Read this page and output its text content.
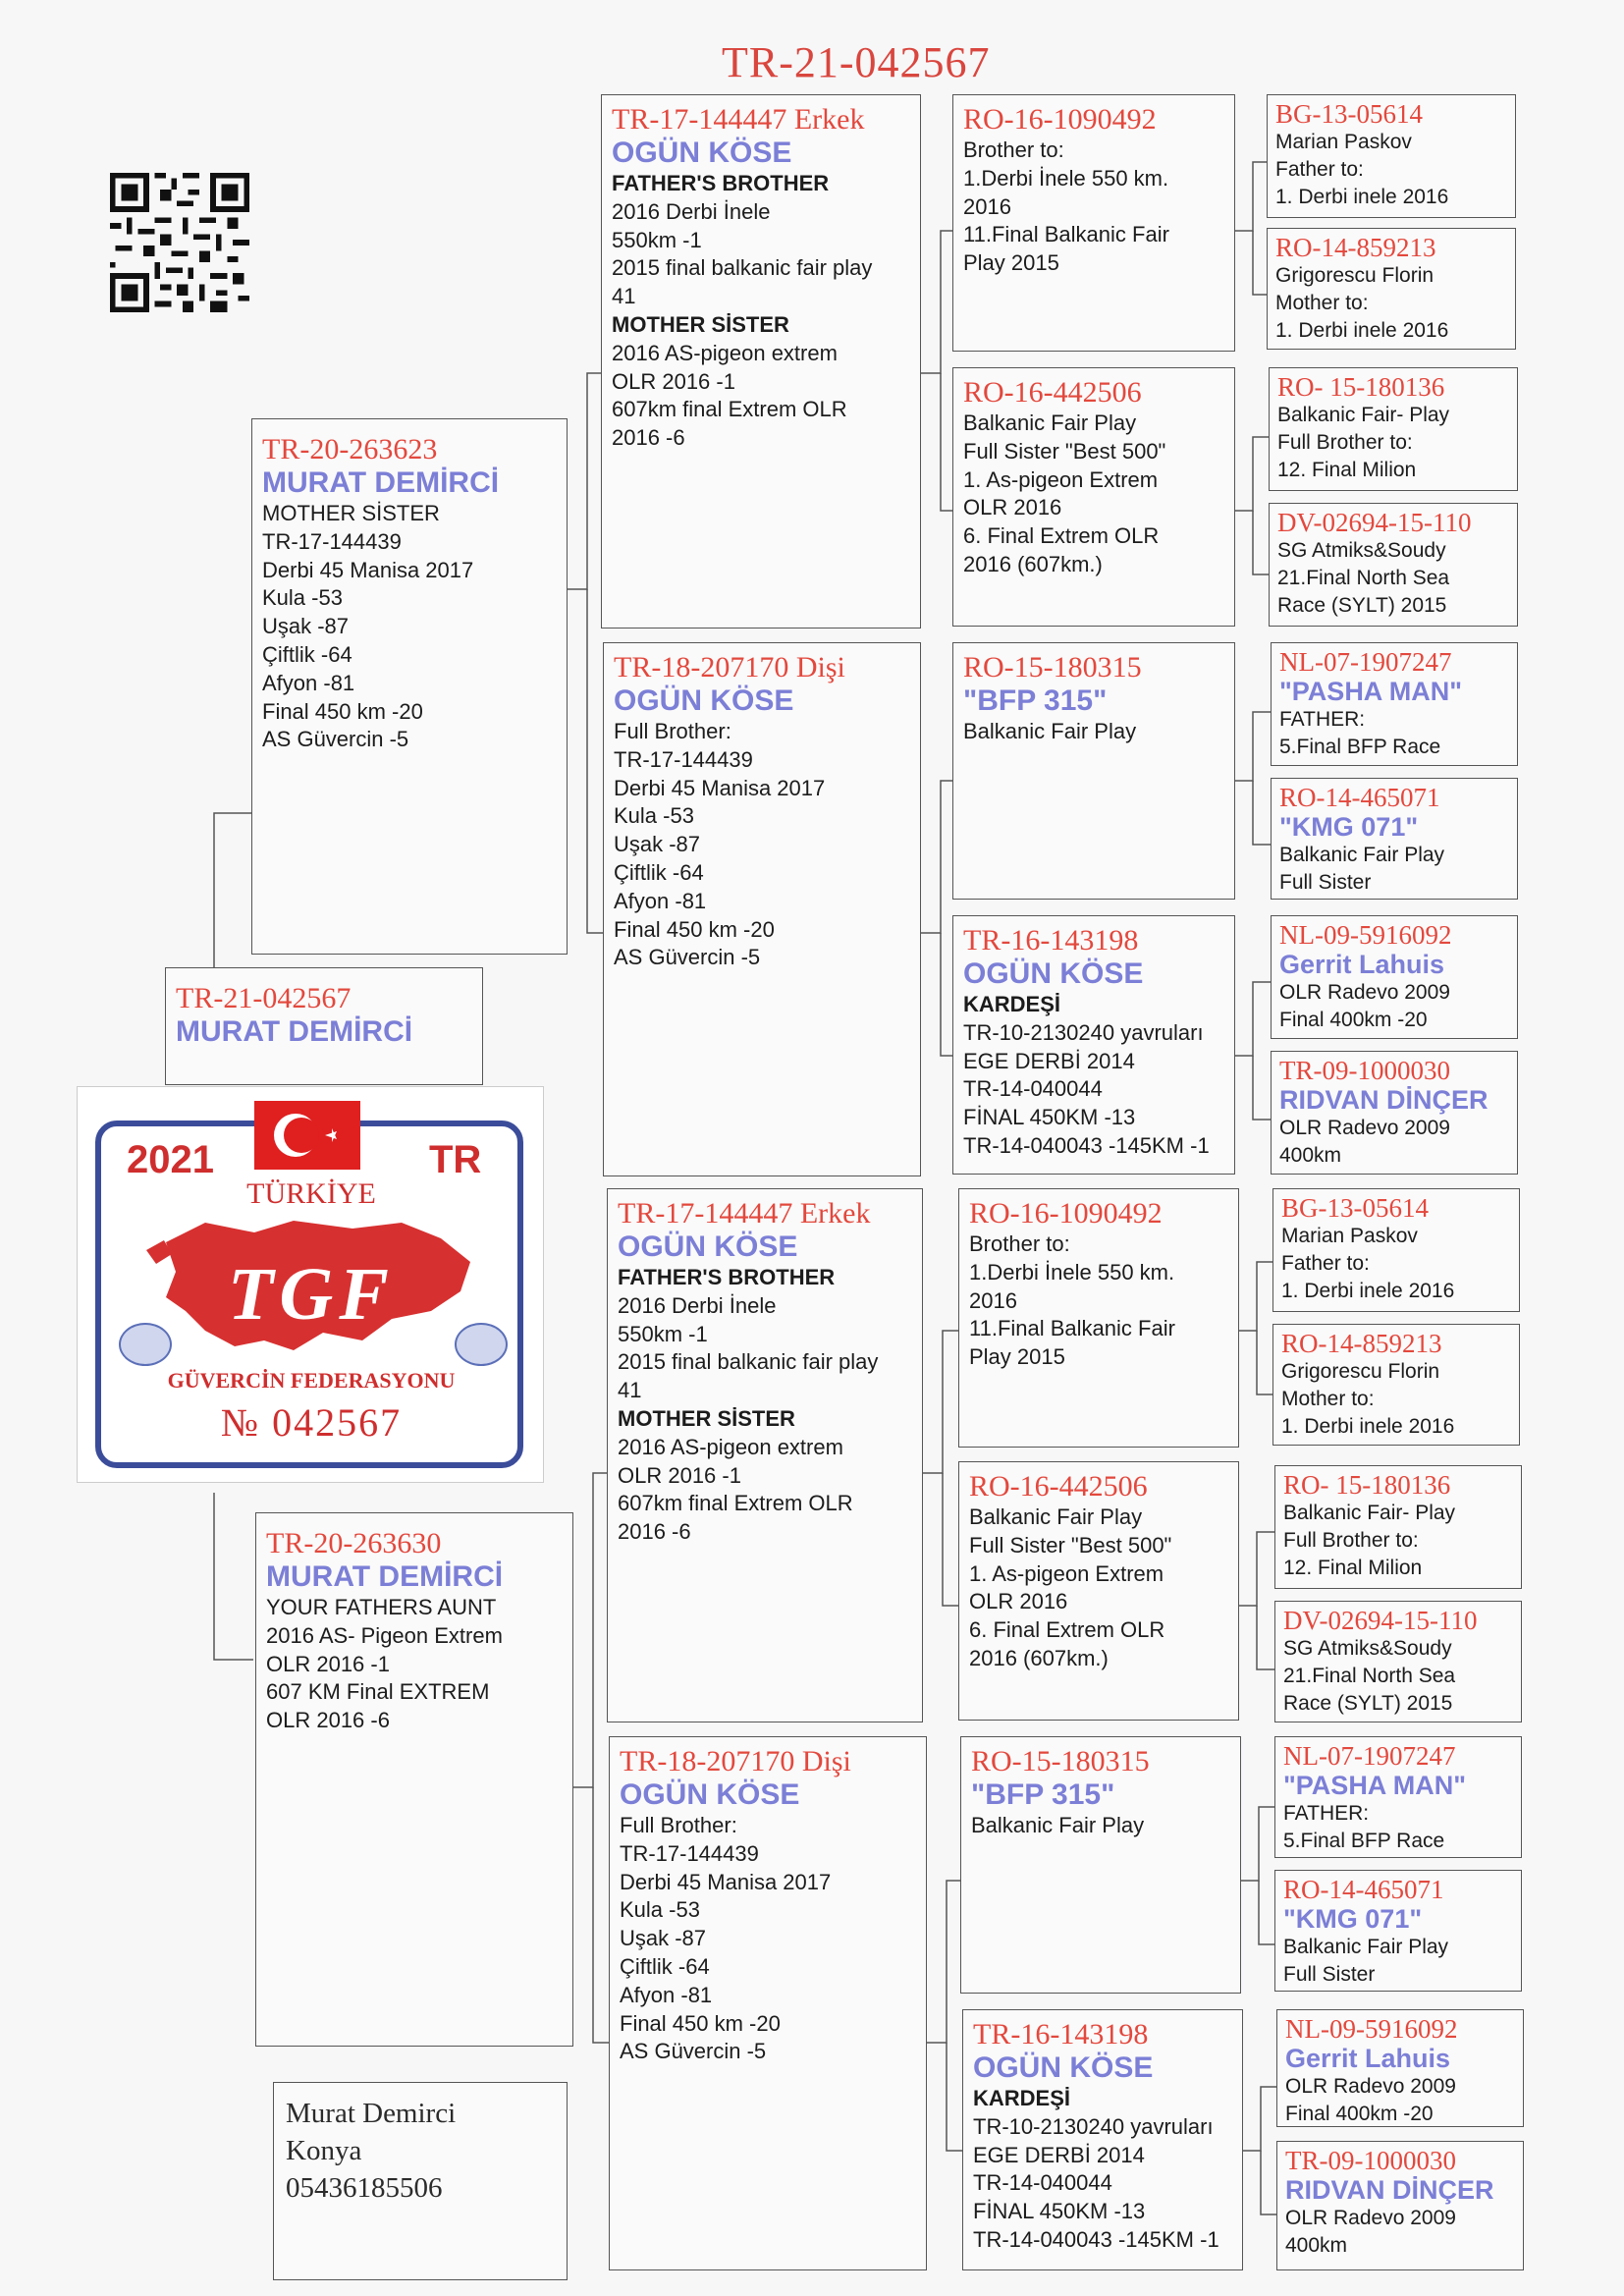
TR-21-042567
TR-21-042567
MURAT DEMİRCİ
TR-20-263623
MURAT DEMİRCİ
MOTHER SİSTER
TR-17-144439
Derbi 45 Manisa 2017
Kula -53
Uşak -87
Çiftlik -64
Afyon -81
Final 450 km -20
AS Güvercin -5
TR-20-263630
MURAT DEMİRCİ
YOUR FATHERS AUNT
2016 AS- Pigeon Extrem
OLR 2016 -1
607 KM Final EXTREM
OLR 2016 -6
TR-17-144447 Erkek
OGÜN KÖSE
FATHER'S BROTHER
2016 Derbi İnele
550km -1
2015 final balkanic fair play
41
MOTHER SİSTER
2016 AS-pigeon extrem
OLR 2016 -1
607km final Extrem OLR
2016 -6
TR-18-207170 Dişi
OGÜN KÖSE
Full Brother:
TR-17-144439
Derbi 45 Manisa 2017
Kula -53
Uşak -87
Çiftlik -64
Afyon -81
Final 450 km -20
AS Güvercin -5
TR-17-144447 Erkek
OGÜN KÖSE
FATHER'S BROTHER
2016 Derbi İnele
550km -1
2015 final balkanic fair play
41
MOTHER SİSTER
2016 AS-pigeon extrem
OLR 2016 -1
607km final Extrem OLR
2016 -6
TR-18-207170 Dişi
OGÜN KÖSE
Full Brother:
TR-17-144439
Derbi 45 Manisa 2017
Kula -53
Uşak -87
Çiftlik -64
Afyon -81
Final 450 km -20
AS Güvercin -5
RO-16-1090492
Brother to:
1.Derbi İnele 550 km.
2016
11.Final Balkanic Fair
Play 2015
RO-16-442506
Balkanic Fair Play
Full Sister "Best 500"
1. As-pigeon Extrem
OLR 2016
6. Final Extrem OLR
2016 (607km.)
RO-15-180315
"BFP 315"
Balkanic Fair Play
TR-16-143198
OGÜN KÖSE
KARDEŞİ
TR-10-2130240 yavruları
EGE DERBİ 2014
TR-14-040044
FİNAL 450KM -13
TR-14-040043 -145KM -1
RO-16-1090492
Brother to:
1.Derbi İnele 550 km.
2016
11.Final Balkanic Fair
Play 2015
RO-16-442506
Balkanic Fair Play
Full Sister "Best 500"
1. As-pigeon Extrem
OLR 2016
6. Final Extrem OLR
2016 (607km.)
RO-15-180315
"BFP 315"
Balkanic Fair Play
TR-16-143198
OGÜN KÖSE
KARDEŞİ
TR-10-2130240 yavruları
EGE DERBİ 2014
TR-14-040044
FİNAL 450KM -13
TR-14-040043 -145KM -1
BG-13-05614
Marian Paskov
Father to:
1. Derbi inele 2016
RO-14-859213
Grigorescu Florin
Mother to:
1. Derbi inele 2016
RO- 15-180136
Balkanic Fair- Play
Full Brother to:
12. Final Milion
DV-02694-15-110
SG Atmiks&Soudy
21.Final North Sea
Race (SYLT) 2015
NL-07-1907247
"PASHA MAN"
FATHER:
5.Final BFP Race
RO-14-465071
"KMG 071"
Balkanic Fair Play
Full Sister
NL-09-5916092
Gerrit Lahuis
OLR Radevo 2009
Final 400km -20
TR-09-1000030
RIDVAN DİNÇER
OLR Radevo 2009
400km
BG-13-05614
Marian Paskov
Father to:
1. Derbi inele 2016
RO-14-859213
Grigorescu Florin
Mother to:
1. Derbi inele 2016
RO- 15-180136
Balkanic Fair- Play
Full Brother to:
12. Final Milion
DV-02694-15-110
SG Atmiks&Soudy
21.Final North Sea
Race (SYLT) 2015
NL-07-1907247
"PASHA MAN"
FATHER:
5.Final BFP Race
RO-14-465071
"KMG 071"
Balkanic Fair Play
Full Sister
NL-09-5916092
Gerrit Lahuis
OLR Radevo 2009
Final 400km -20
TR-09-1000030
RIDVAN DİNÇER
OLR Radevo 2009
400km
Murat Demirci
Konya
05436185506
2021	TR
TÜRKİYE
TGF
GÜVERCİN FEDERASYONU
№ 042567
